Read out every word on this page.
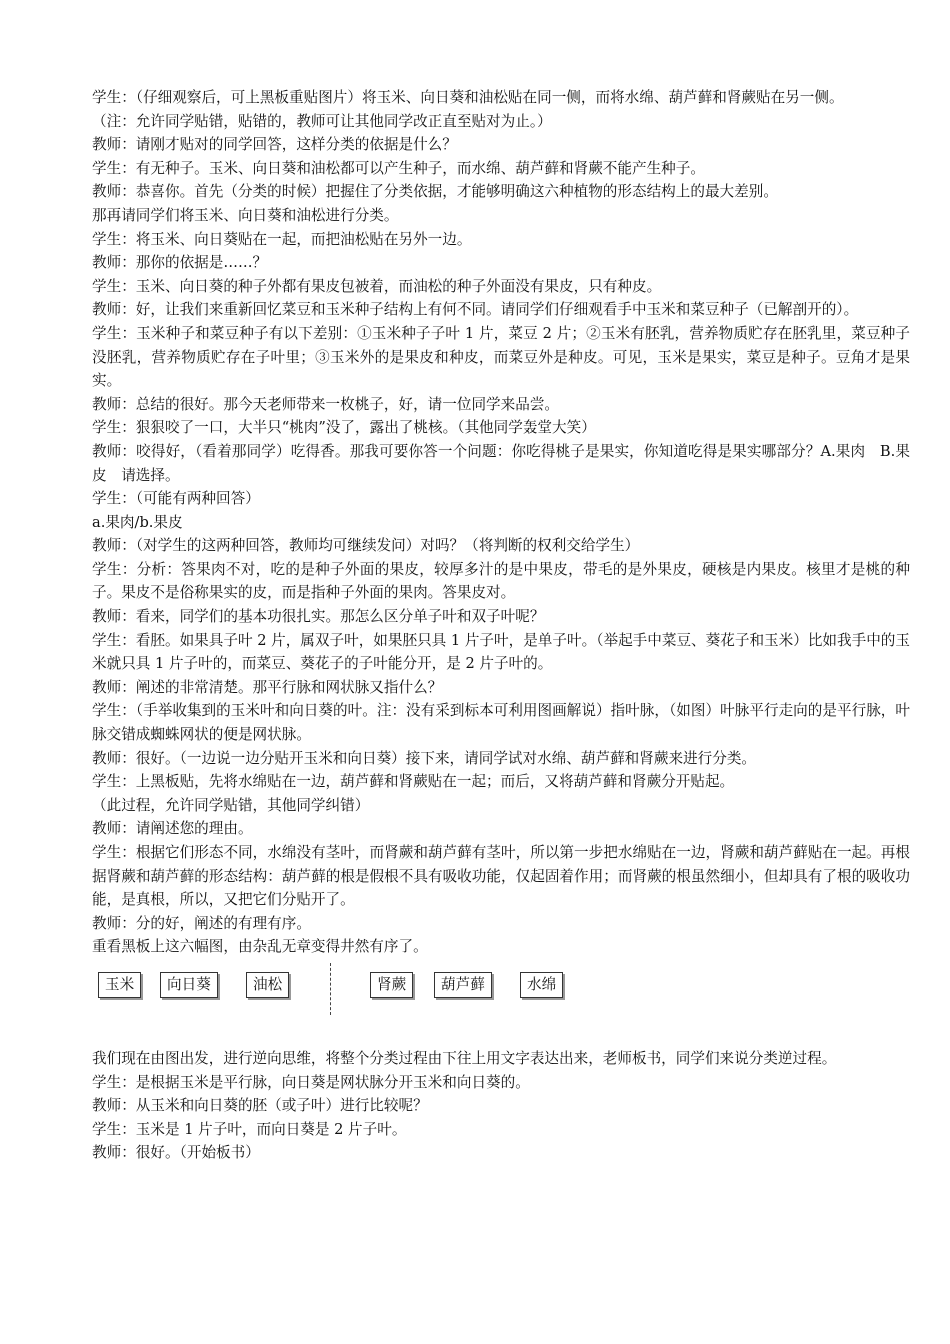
学生：（仔细观察后，可上黑板重贴图片）将玉米、向日葵和油松贴在同一侧，而将水绵、葫芦藓和肾蕨贴在另一侧。

（注：允许同学贴错，贴错的，教师可让其他同学改正直至贴对为止。）

教师：请刚才贴对的同学回答，这样分类的依据是什么？

学生：有无种子。玉米、向日葵和油松都可以产生种子，而水绵、葫芦藓和肾蕨不能产生种子。

教师：恭喜你。首先（分类的时候）把握住了分类依据，才能够明确这六种植物的形态结构上的最大差别。

那再请同学们将玉米、向日葵和油松进行分类。

学生：将玉米、向日葵贴在一起，而把油松贴在另外一边。

教师：那你的依据是……？

学生：玉米、向日葵的种子外都有果皮包被着，而油松的种子外面没有果皮，只有种皮。

教师：好，让我们来重新回忆菜豆和玉米种子结构上有何不同。请同学们仔细观看手中玉米和菜豆种子（已解剖开的）。

学生：玉米种子和菜豆种子有以下差别：①玉米种子子叶 1 片，菜豆 2 片；②玉米有胚乳，营养物质贮存在胚乳里，菜豆种子没胚乳，营养物质贮存在子叶里；③玉米外的是果皮和种皮，而菜豆外是种皮。可见，玉米是果实，菜豆是种子。豆角才是果实。

教师：总结的很好。那今天老师带来一枚桃子，好，请一位同学来品尝。

学生：狠狠咬了一口，大半只“桃肉”没了，露出了桃核。（其他同学轰堂大笑）

教师：咬得好，（看着那同学）吃得香。那我可要你答一个问题：你吃得桃子是果实，你知道吃得是果实哪部分？A.果肉　B.果皮　请选择。

学生：（可能有两种回答）

a.果肉/b.果皮

教师：（对学生的这两种回答，教师均可继续发问）对吗？（将判断的权利交给学生）

学生：分析：答果肉不对，吃的是种子外面的果皮，较厚多汁的是中果皮，带毛的是外果皮，硬核是内果皮。核里才是桃的种子。果皮不是俗称果实的皮，而是指种子外面的果肉。答果皮对。

教师：看来，同学们的基本功很扎实。那怎么区分单子叶和双子叶呢？

学生：看胚。如果具子叶 2 片，属双子叶，如果胚只具 1 片子叶，是单子叶。（举起手中菜豆、葵花子和玉米）比如我手中的玉米就只具 1 片子叶的，而菜豆、葵花子的子叶能分开，是 2 片子叶的。

教师：阐述的非常清楚。那平行脉和网状脉又指什么？

学生：（手举收集到的玉米叶和向日葵的叶。注：没有采到标本可利用图画解说）指叶脉，（如图）叶脉平行走向的是平行脉，叶脉交错成蜘蛛网状的便是网状脉。

教师：很好。（一边说一边分贴开玉米和向日葵）接下来，请同学试对水绵、葫芦藓和肾蕨来进行分类。

学生：上黑板贴，先将水绵贴在一边，葫芦藓和肾蕨贴在一起；而后，又将葫芦藓和肾蕨分开贴起。

（此过程，允许同学贴错，其他同学纠错）

教师：请阐述您的理由。

学生：根据它们形态不同，水绵没有茎叶，而肾蕨和葫芦藓有茎叶，所以第一步把水绵贴在一边，肾蕨和葫芦藓贴在一起。再根据肾蕨和葫芦藓的形态结构：葫芦藓的根是假根不具有吸收功能，仅起固着作用；而肾蕨的根虽然细小，但却具有了根的吸收功能，是真根，所以，又把它们分贴开了。

教师：分的好，阐述的有理有序。

重看黑板上这六幅图，由杂乱无章变得井然有序了。

玉米	向日葵	油松	肾蕨	葫芦藓	水绵

我们现在由图出发，进行逆向思维，将整个分类过程由下往上用文字表达出来，老师板书，同学们来说分类逆过程。

学生：是根据玉米是平行脉，向日葵是网状脉分开玉米和向日葵的。

教师：从玉米和向日葵的胚（或子叶）进行比较呢？

学生：玉米是 1 片子叶，而向日葵是 2 片子叶。

教师：很好。（开始板书）
